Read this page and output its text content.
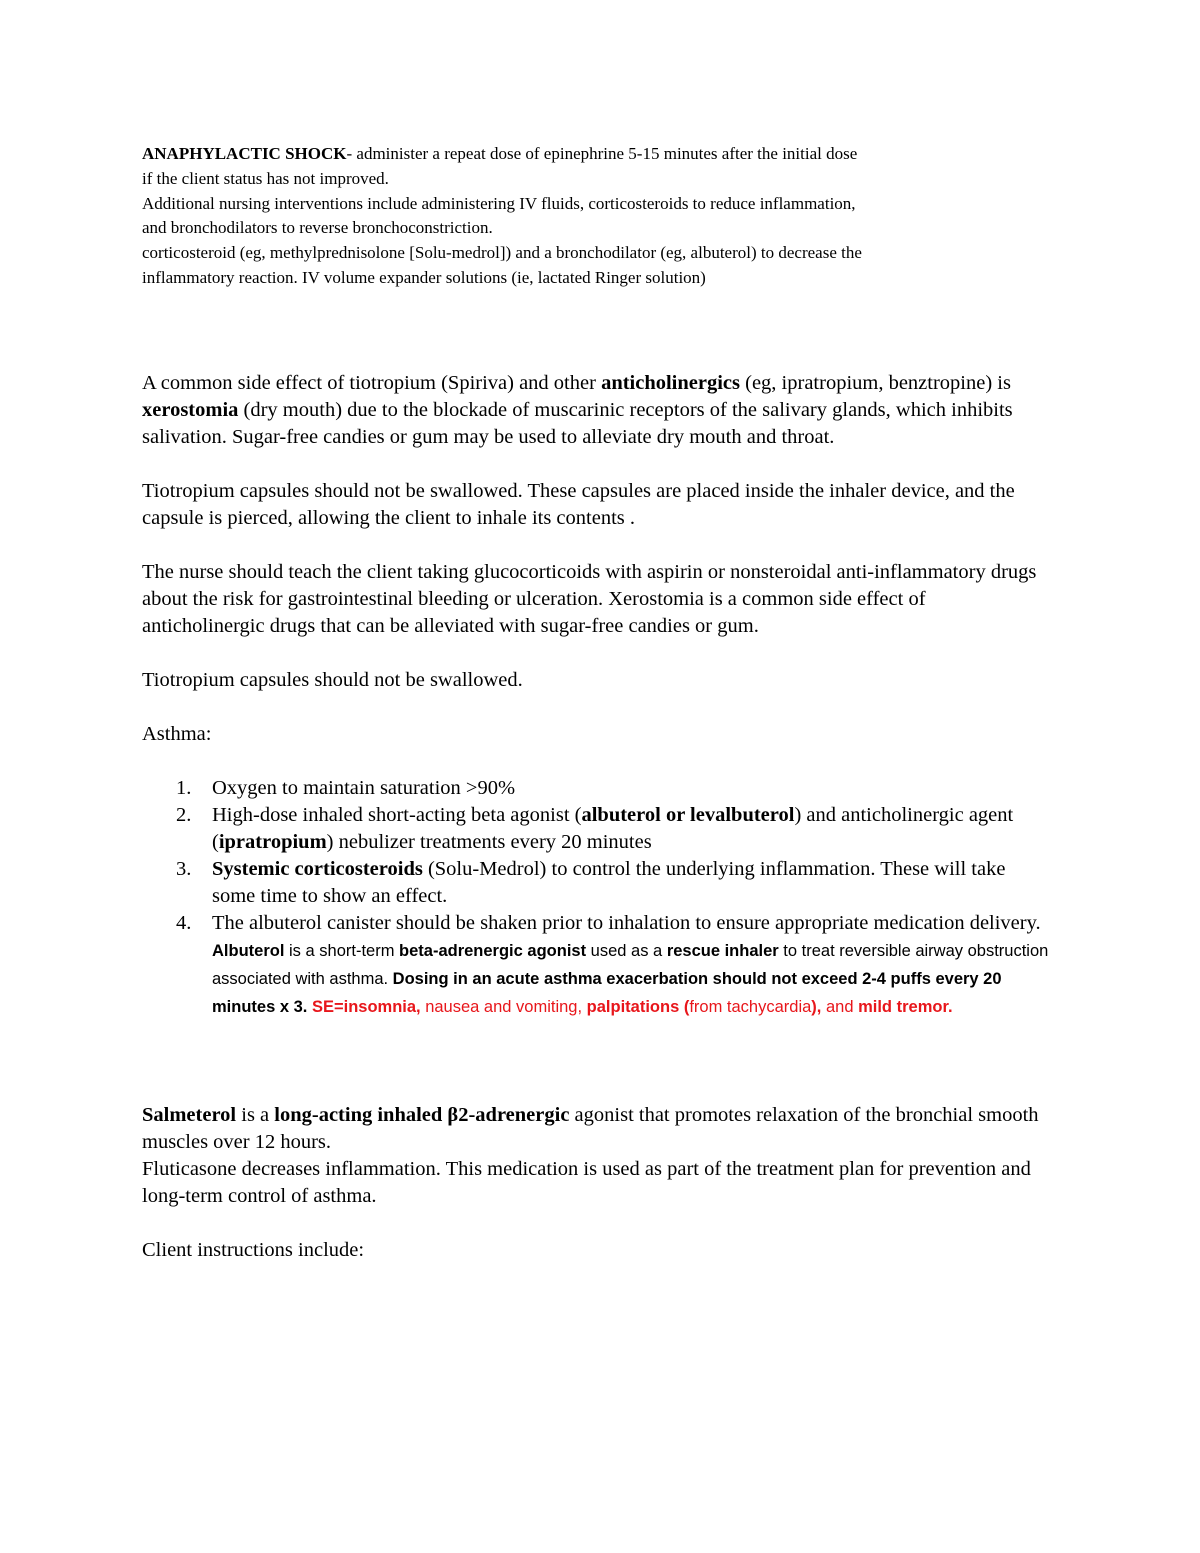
ANAPHYLACTIC SHOCK- administer a repeat dose of epinephrine 5-15 minutes after the initial dose
if the client status has not improved.
Additional nursing interventions include administering IV fluids, corticosteroids to reduce inflammation,
and bronchodilators to reverse bronchoconstriction.
corticosteroid (eg, methylprednisolone [Solu-medrol]) and a bronchodilator (eg, albuterol) to decrease the
inflammatory reaction. IV volume expander solutions (ie, lactated Ringer solution)

A common side effect of tiotropium (Spiriva) and other anticholinergics (eg, ipratropium, benztropine) is xerostomia (dry mouth) due to the blockade of muscarinic receptors of the salivary glands, which inhibits salivation. Sugar-free candies or gum may be used to alleviate dry mouth and throat.

Tiotropium capsules should not be swallowed. These capsules are placed inside the inhaler device, and the capsule is pierced, allowing the client to inhale its contents .

The nurse should teach the client taking glucocorticoids with aspirin or nonsteroidal anti-inflammatory drugs about the risk for gastrointestinal bleeding or ulceration. Xerostomia is a common side effect of anticholinergic drugs that can be alleviated with sugar-free candies or gum.

Tiotropium capsules should not be swallowed.

Asthma:

1. Oxygen to maintain saturation >90%
2. High-dose inhaled short-acting beta agonist (albuterol or levalbuterol) and anticholinergic agent (ipratropium) nebulizer treatments every 20 minutes
3. Systemic corticosteroids (Solu-Medrol) to control the underlying inflammation. These will take some time to show an effect.
4. The albuterol canister should be shaken prior to inhalation to ensure appropriate medication delivery. Albuterol is a short-term beta-adrenergic agonist used as a rescue inhaler to treat reversible airway obstruction associated with asthma. Dosing in an acute asthma exacerbation should not exceed 2-4 puffs every 20 minutes x 3. SE=insomnia, nausea and vomiting, palpitations (from tachycardia), and mild tremor.

Salmeterol is a long-acting inhaled β2-adrenergic agonist that promotes relaxation of the bronchial smooth muscles over 12 hours.
Fluticasone decreases inflammation. This medication is used as part of the treatment plan for prevention and long-term control of asthma.

Client instructions include:
